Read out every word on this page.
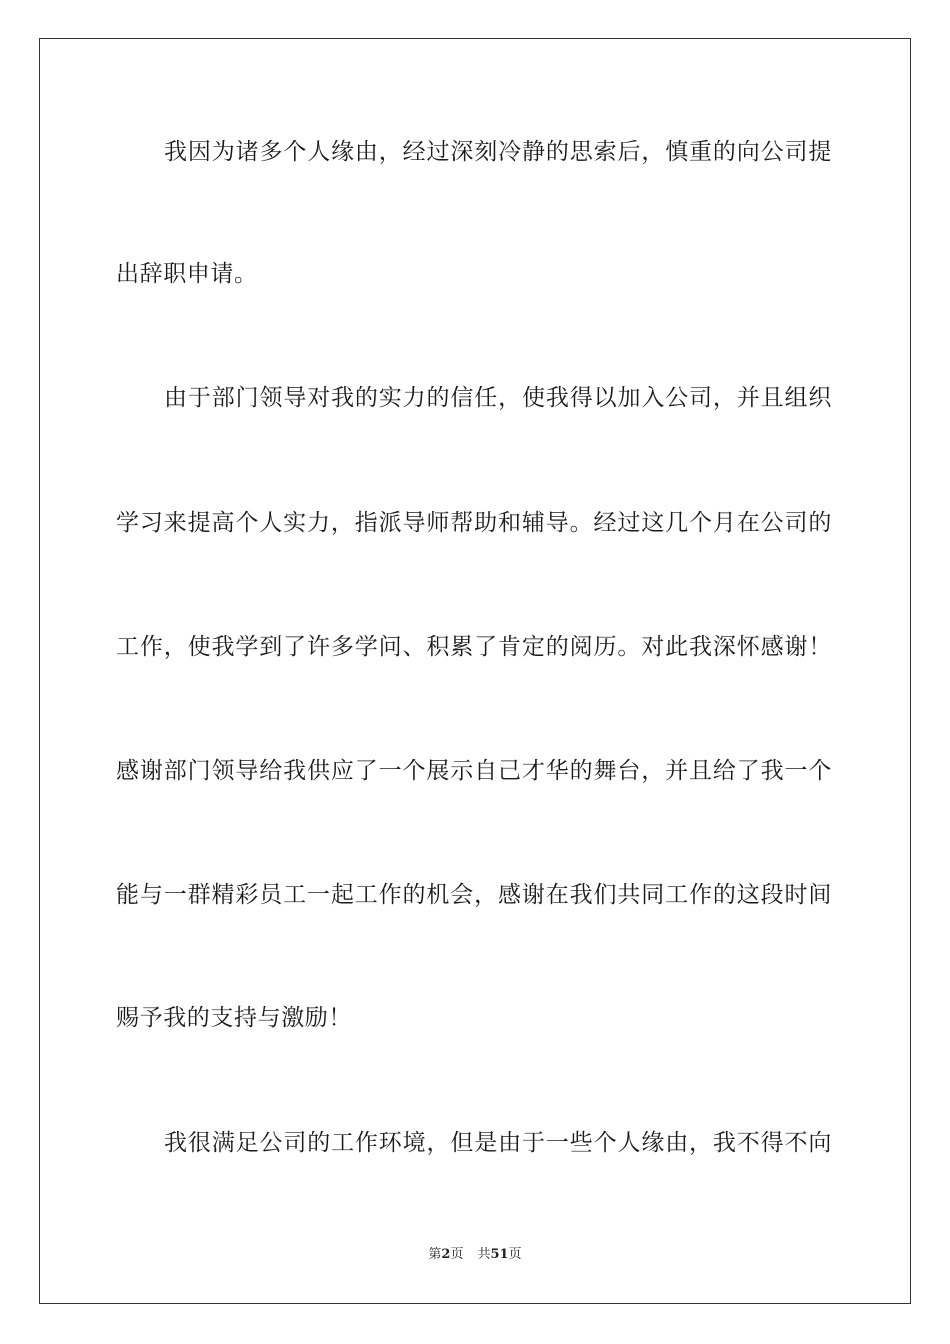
我因为诸多个人缘由，经过深刻冷静的思索后，慎重的向公司提
出辞职申请。
由于部门领导对我的实力的信任，使我得以加入公司，并且组织
学习来提高个人实力，指派导师帮助和辅导。经过这几个月在公司的
工作，使我学到了许多学问、积累了肯定的阅历。对此我深怀感谢！
感谢部门领导给我供应了一个展示自己才华的舞台，并且给了我一个
能与一群精彩员工一起工作的机会，感谢在我们共同工作的这段时间
赐予我的支持与激励！
我很满足公司的工作环境，但是由于一些个人缘由，我不得不向
第2页 共51页
